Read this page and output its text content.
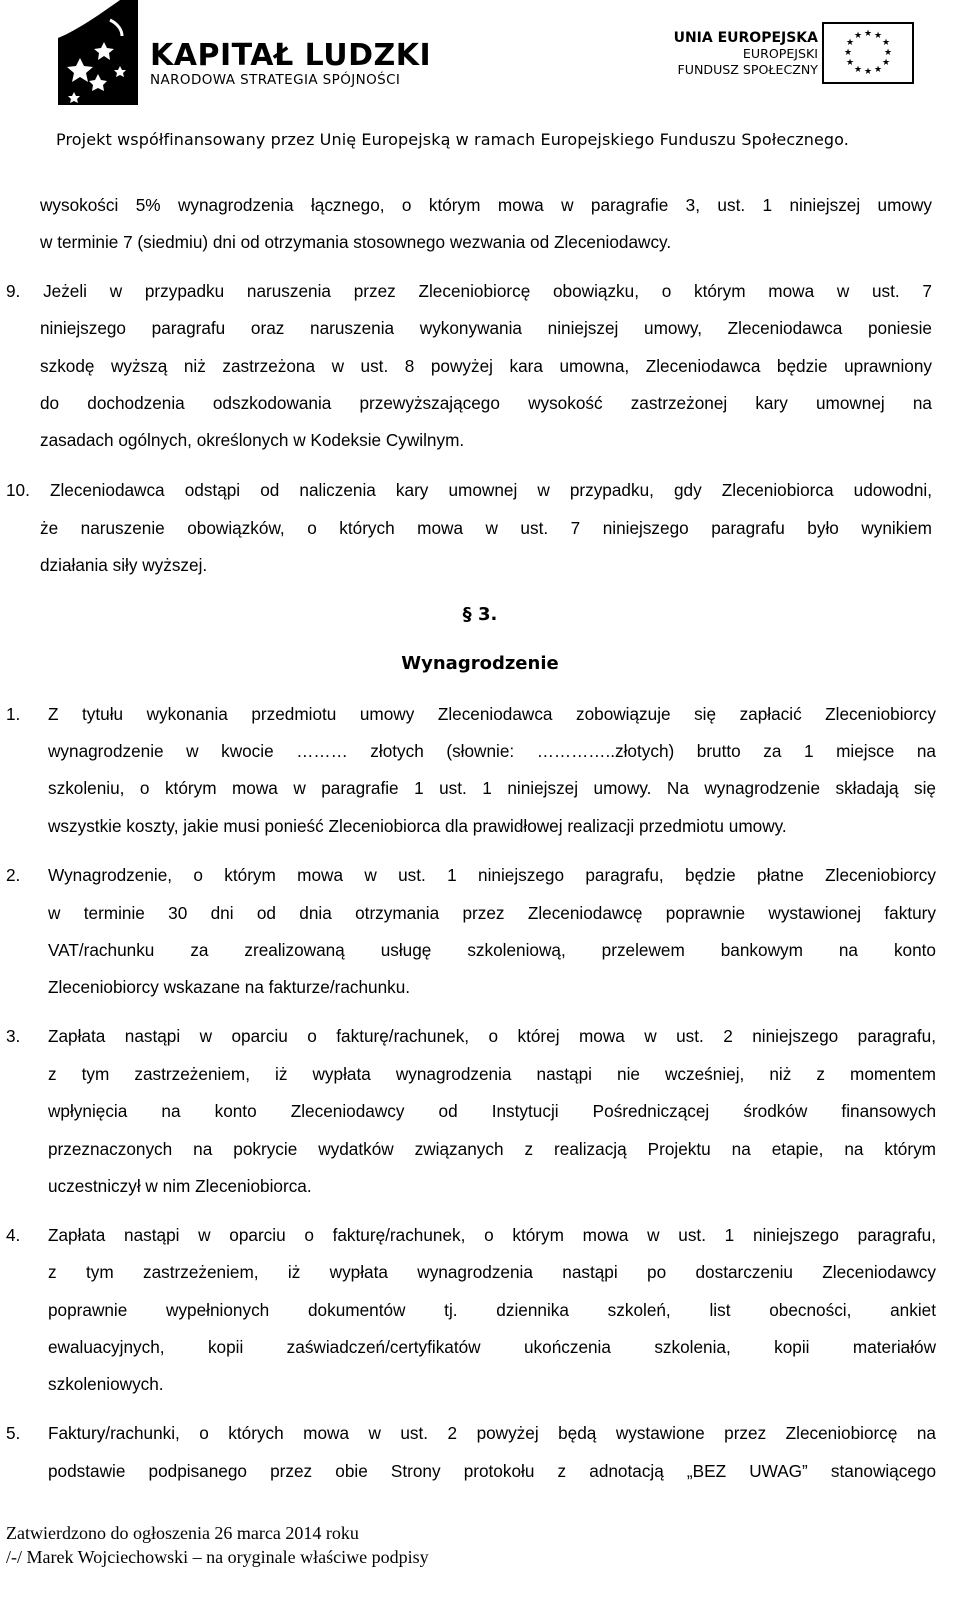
KAPITAŁ LUDZKI
NARODOWA STRATEGIA SPÓJNOŚCI
UNIA EUROPEJSKA
EUROPEJSKI
FUNDUSZ SPOŁECZNY
★ ★
★
★
★
★
★
★
★
★
★
★
Projekt współfinansowany przez Unię Europejską w ramach Europejskiego Funduszu Społecznego.
wysokości 5% wynagrodzenia łącznego, o którym mowa w paragrafie 3, ust. 1 niniejszej umowy
w terminie 7 (siedmiu) dni od otrzymania stosownego wezwania od Zleceniodawcy.
9. Jeżeli w przypadku naruszenia przez Zleceniobiorcę obowiązku, o którym mowa w ust. 7
niniejszego paragrafu oraz naruszenia wykonywania niniejszej umowy, Zleceniodawca poniesie
szkodę wyższą niż zastrzeżona w ust. 8 powyżej kara umowna, Zleceniodawca będzie uprawniony
do dochodzenia odszkodowania przewyższającego wysokość zastrzeżonej kary umownej na
zasadach ogólnych, określonych w Kodeksie Cywilnym.
10. Zleceniodawca odstąpi od naliczenia kary umownej w przypadku, gdy Zleceniobiorca udowodni,
że naruszenie obowiązków, o których mowa w ust. 7 niniejszego paragrafu było wynikiem
działania siły wyższej.
§ 3.
Wynagrodzenie
1. Z tytułu wykonania przedmiotu umowy Zleceniodawca zobowiązuje się zapłacić Zleceniobiorcy
wynagrodzenie w kwocie ……… złotych (słownie: …………..złotych) brutto za 1 miejsce na
szkoleniu, o którym mowa w paragrafie 1 ust. 1 niniejszej umowy. Na wynagrodzenie składają się
wszystkie koszty, jakie musi ponieść Zleceniobiorca dla prawidłowej realizacji przedmiotu umowy.
2. Wynagrodzenie, o którym mowa w ust. 1 niniejszego paragrafu, będzie płatne Zleceniobiorcy
w terminie 30 dni od dnia otrzymania przez Zleceniodawcę poprawnie wystawionej faktury
VAT/rachunku za zrealizowaną usługę szkoleniową, przelewem bankowym na konto
Zleceniobiorcy wskazane na fakturze/rachunku.
3. Zapłata nastąpi w oparciu o fakturę/rachunek, o której mowa w ust. 2 niniejszego paragrafu,
z tym zastrzeżeniem, iż wypłata wynagrodzenia nastąpi nie wcześniej, niż z momentem
wpłynięcia na konto Zleceniodawcy od Instytucji Pośredniczącej środków finansowych
przeznaczonych na pokrycie wydatków związanych z realizacją Projektu na etapie, na którym
uczestniczył w nim Zleceniobiorca.
4. Zapłata nastąpi w oparciu o fakturę/rachunek, o którym mowa w ust. 1 niniejszego paragrafu,
z tym zastrzeżeniem, iż wypłata wynagrodzenia nastąpi po dostarczeniu Zleceniodawcy
poprawnie wypełnionych dokumentów tj. dziennika szkoleń, list obecności, ankiet
ewaluacyjnych, kopii zaświadczeń/certyfikatów ukończenia szkolenia, kopii materiałów
szkoleniowych.
5. Faktury/rachunki, o których mowa w ust. 2 powyżej będą wystawione przez Zleceniobiorcę na
podstawie podpisanego przez obie Strony protokołu z adnotacją „BEZ UWAG” stanowiącego
Zatwierdzono do ogłoszenia 26 marca 2014 roku
/-/ Marek Wojciechowski – na oryginale właściwe podpisy
